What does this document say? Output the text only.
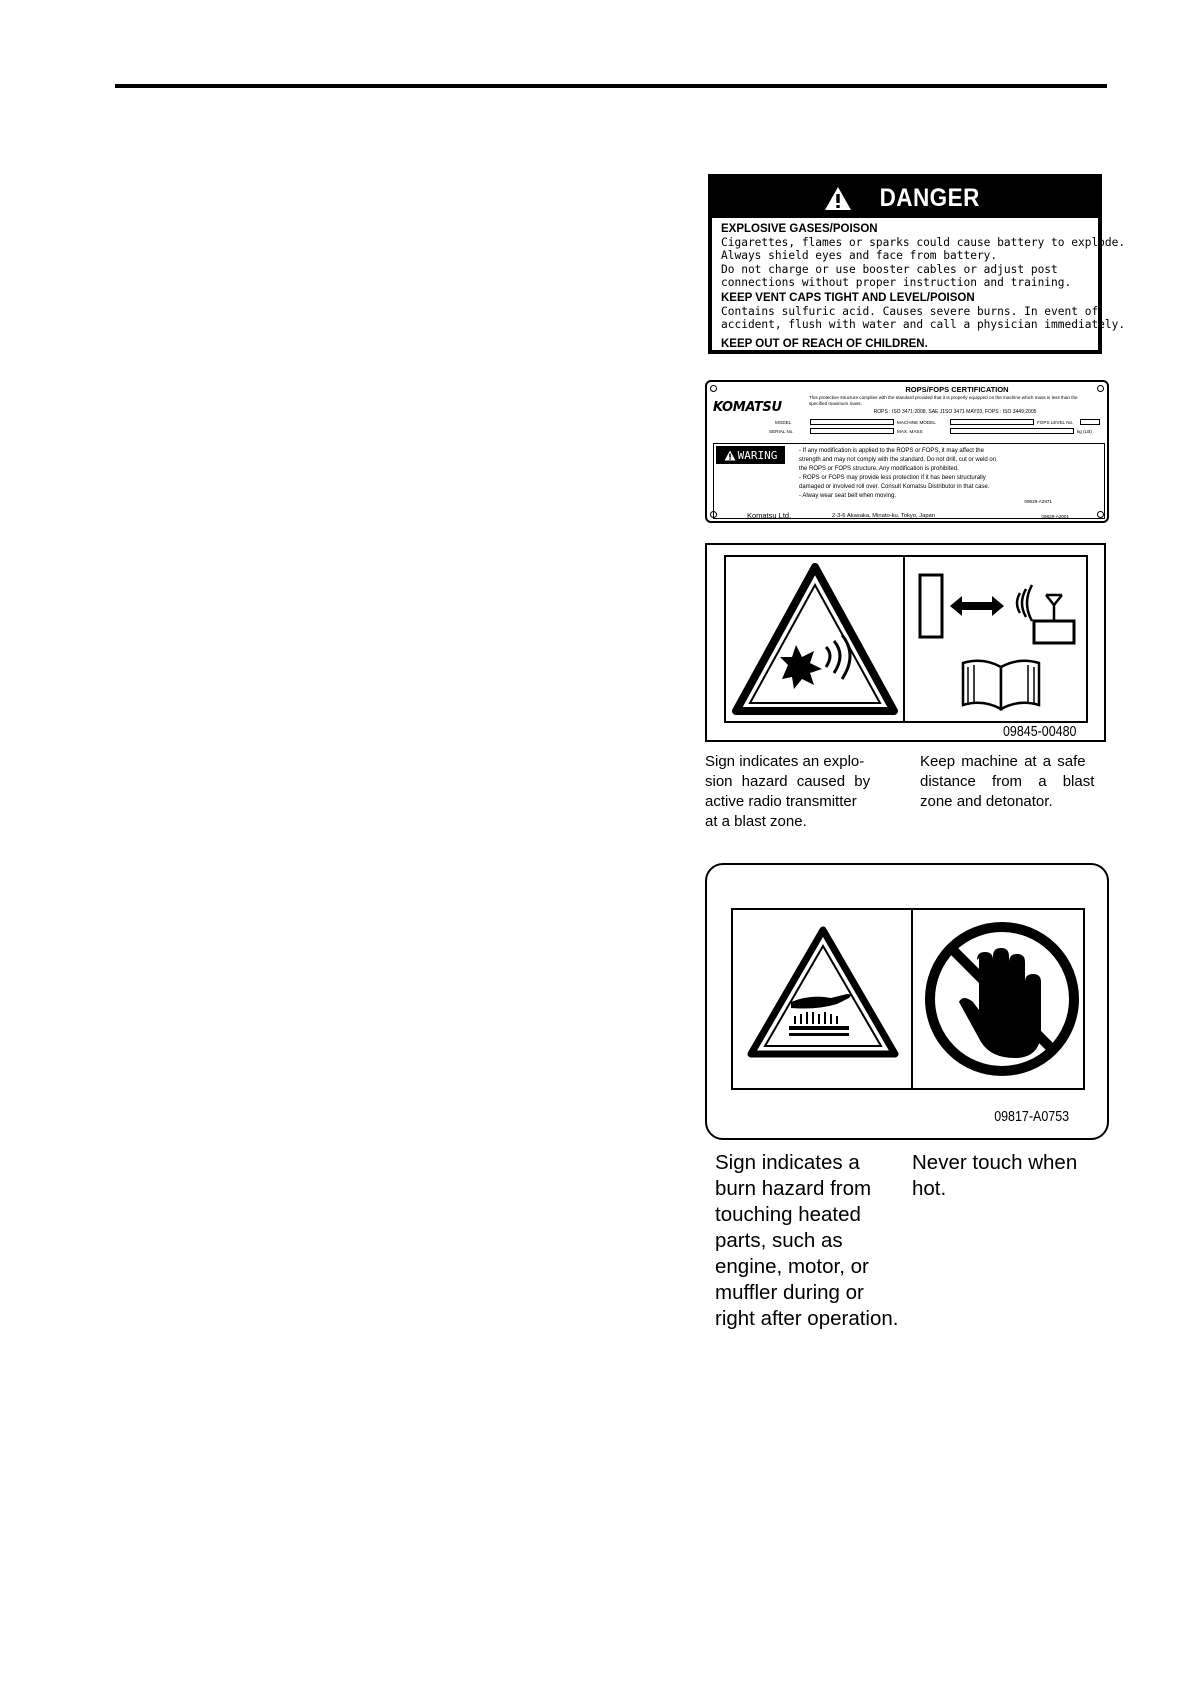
DANGER
EXPLOSIVE GASES/POISON
Cigarettes, flames or sparks could cause battery to explode.
Always shield eyes and face from battery.
Do not charge or use booster cables or adjust post
connections without proper instruction and training.
KEEP VENT CAPS TIGHT AND LEVEL/POISON
Contains sulfuric acid. Causes severe burns. In event of
accident, flush with water and call a physician immediately.
KEEP OUT OF REACH OF CHILDREN.
KOMATSU
ROPS/FOPS CERTIFICATION
This protective structure complies with the standard provided that it is properly equipped on the machine which mass is less than the specified maximum mass.
ROPS : ISO 3471:2008, SAE J1SO 3471 MAY03, FOPS : ISO 3449:2005
MODEL	MACHINE MODEL	FOPS LEVEL No.
SERIAL No.	MAX. MASS	kg (LB)
WARING	- If any modification is applied to the ROPS or FOPS, it may affect the
strength and may not comply with the standard. Do not drill, cut or weld on
the ROPS or FOPS structure. Any modification is prohibited.
- ROPS or FOPS may provide less protection if it has been structurally
damaged or involved roll over. Consult Komatsu Distributor in that case.
- Alway wear seat belt when moving.
09829-A2871
Komatsu Ltd.	2-3-6 Akasaka, Minato-ku, Tokyo, Japan	09829-A2001
09845-00480
Sign indicates an explo-
sion hazard caused by
active radio transmitter
at a blast zone.
Keep machine at a safe
distance from a blast
zone and detonator.
09817-A0753
Sign indicates a
burn hazard from
touching heated
parts, such as
engine, motor, or
muffler during or
right after operation.
Never touch when
hot.
